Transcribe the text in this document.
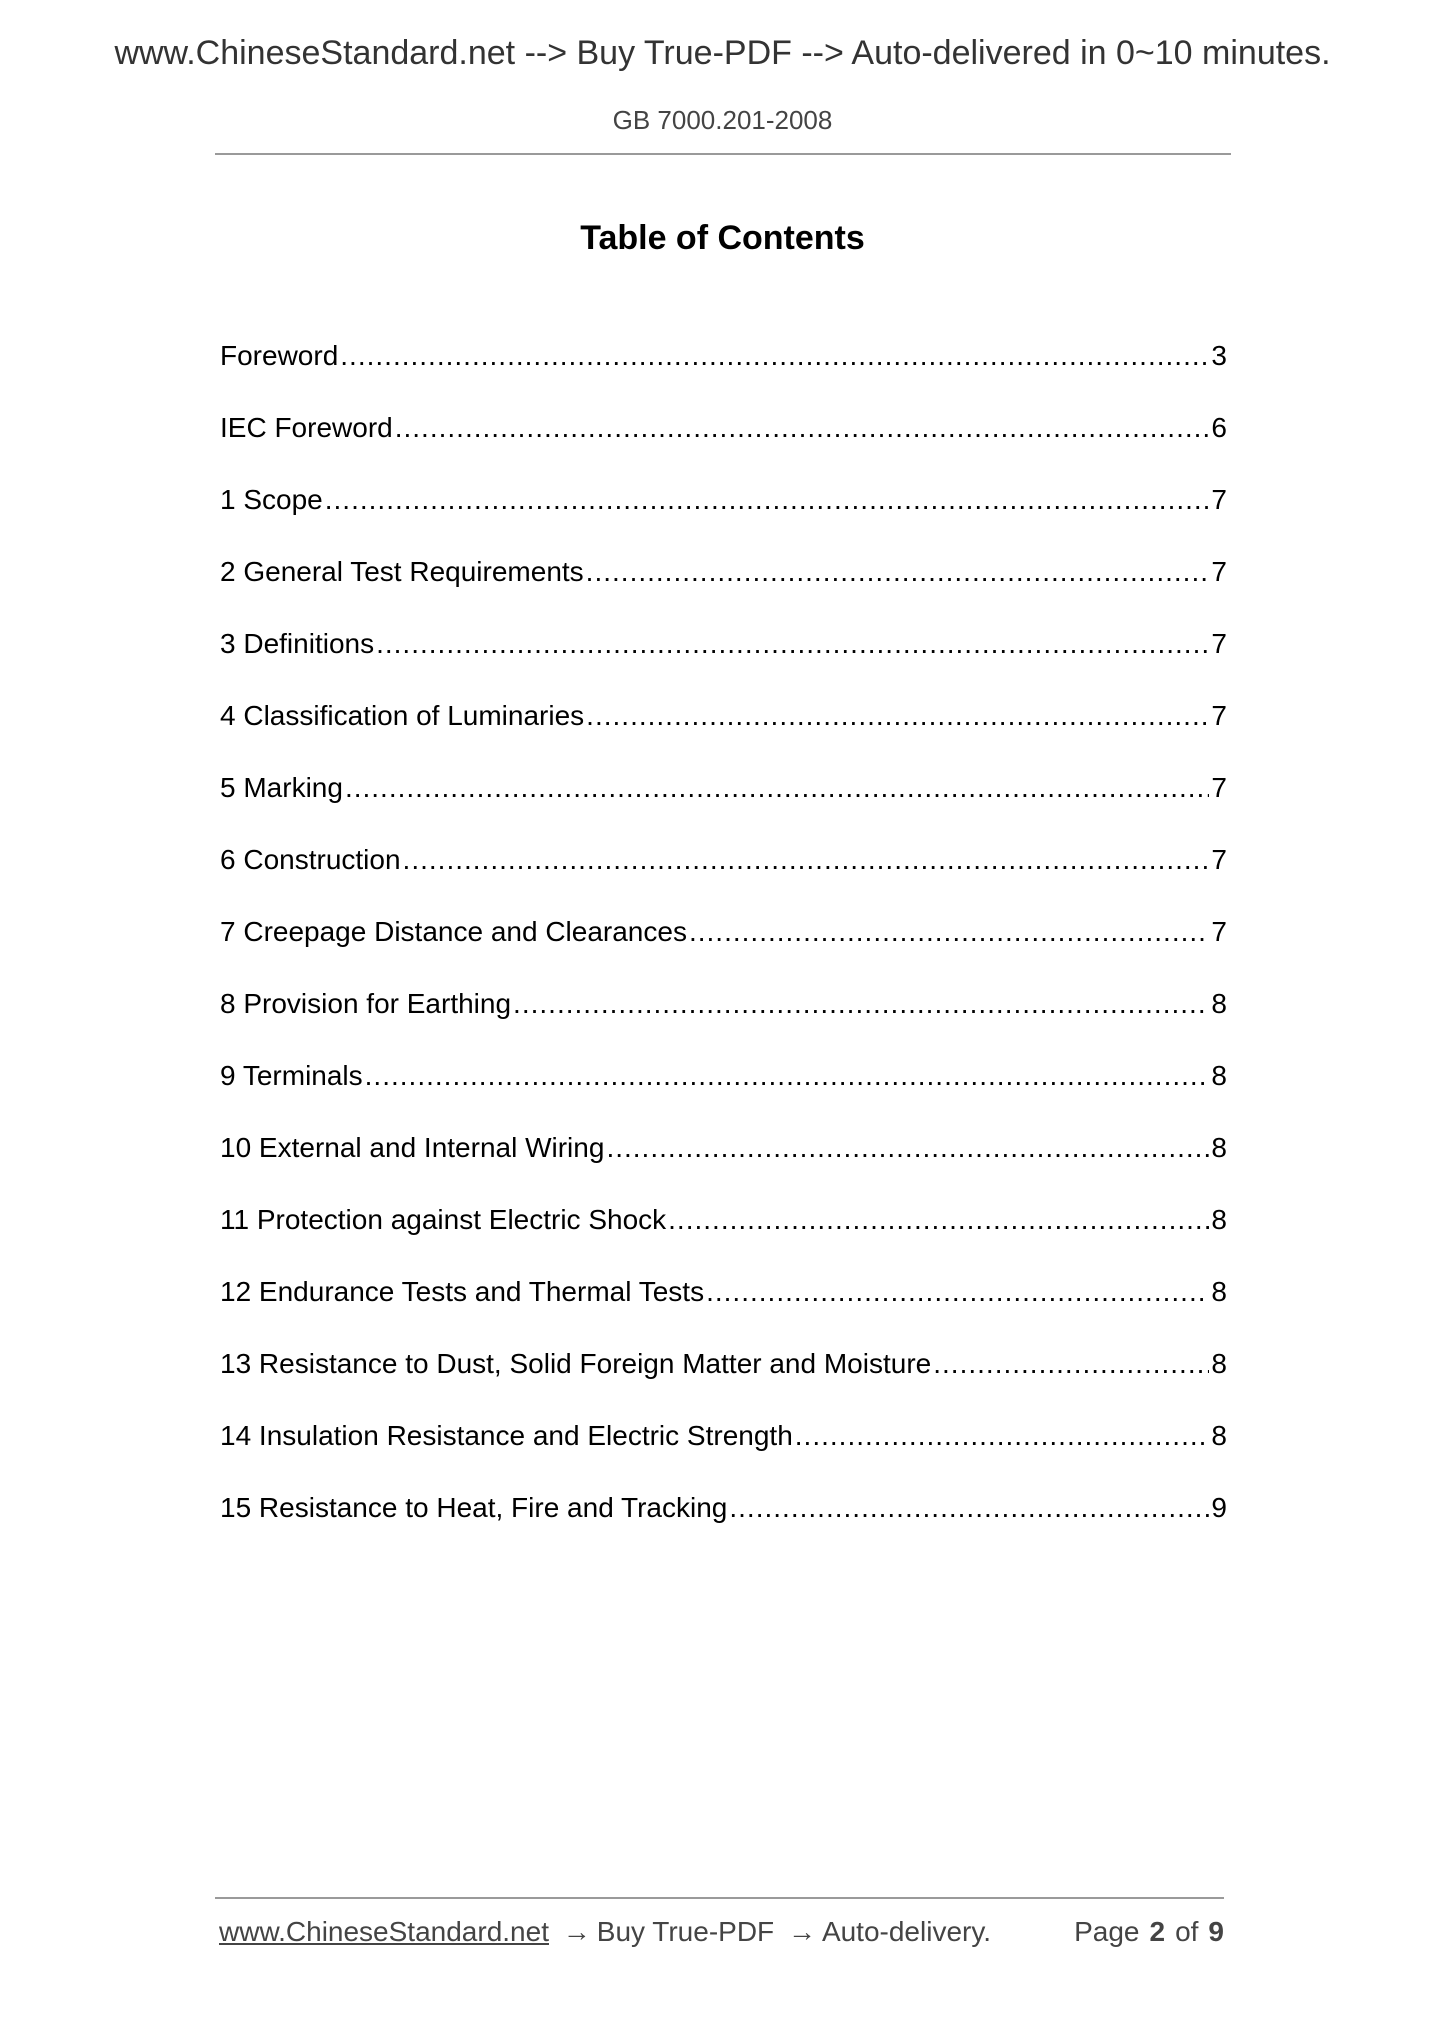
www.ChineseStandard.net --> Buy True-PDF --> Auto-delivered in 0~10 minutes.
GB 7000.201-2008
Table of Contents
Foreword .....	3
IEC Foreword .....	6
1 Scope .....	7
2 General Test Requirements .....	7
3 Definitions .....	7
4 Classification of Luminaries .....	7
5 Marking .....	7
6 Construction .....	7
7 Creepage Distance and Clearances .....	7
8 Provision for Earthing .....	8
9 Terminals .....	8
10 External and Internal Wiring .....	8
11 Protection against Electric Shock .....	8
12 Endurance Tests and Thermal Tests .....	8
13 Resistance to Dust, Solid Foreign Matter and Moisture .....	8
14 Insulation Resistance and Electric Strength .....	8
15 Resistance to Heat, Fire and Tracking .....	9
www.ChineseStandard.net → Buy True-PDF → Auto-delivery.	Page 2 of 9
